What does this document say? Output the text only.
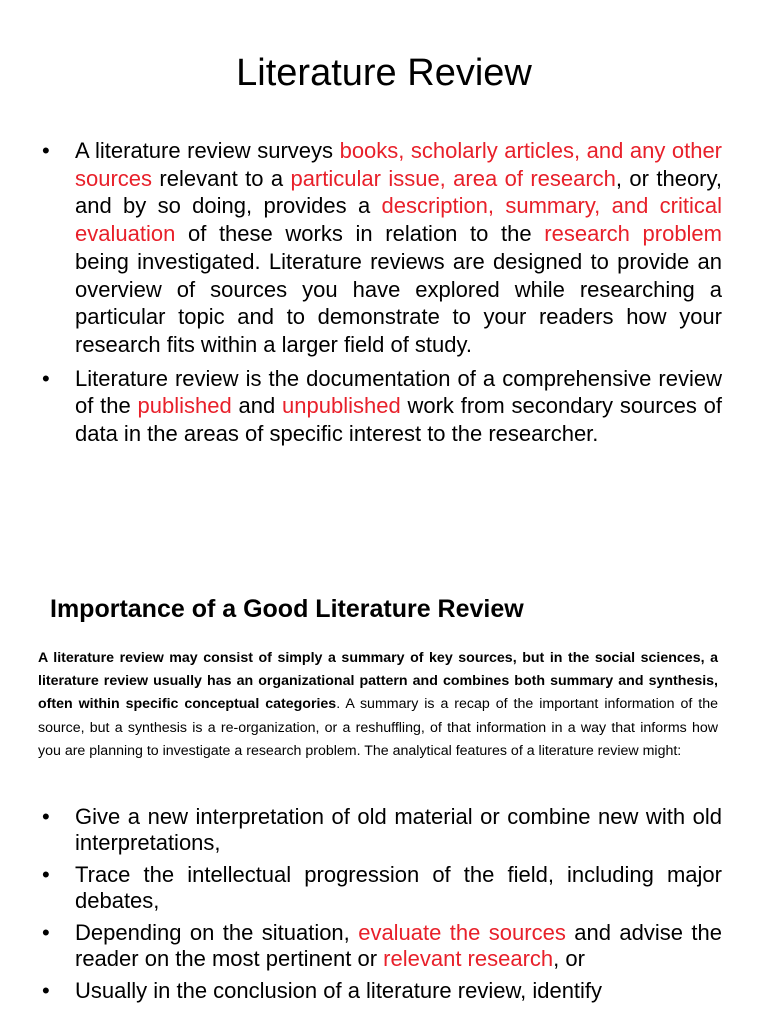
Literature Review
• A literature review surveys books, scholarly articles, and any other sources relevant to a particular issue, area of research, or theory, and by so doing, provides a description, summary, and critical evaluation of these works in relation to the research problem being investigated. Literature reviews are designed to provide an overview of sources you have explored while researching a particular topic and to demonstrate to your readers how your research fits within a larger field of study.
• Literature review is the documentation of a comprehensive review of the published and unpublished work from secondary sources of data in the areas of specific interest to the researcher.
Importance of a Good Literature Review

A literature review may consist of simply a summary of key sources, but in the social sciences, a literature review usually has an organizational pattern and combines both summary and synthesis, often within specific conceptual categories. A summary is a recap of the important information of the source, but a synthesis is a re-organization, or a reshuffling, of that information in a way that informs how you are planning to investigate a research problem. The analytical features of a literature review might:

• Give a new interpretation of old material or combine new with old interpretations,
• Trace the intellectual progression of the field, including major debates,
• Depending on the situation, evaluate the sources and advise the reader on the most pertinent or relevant research, or
• Usually in the conclusion of a literature review, identify
